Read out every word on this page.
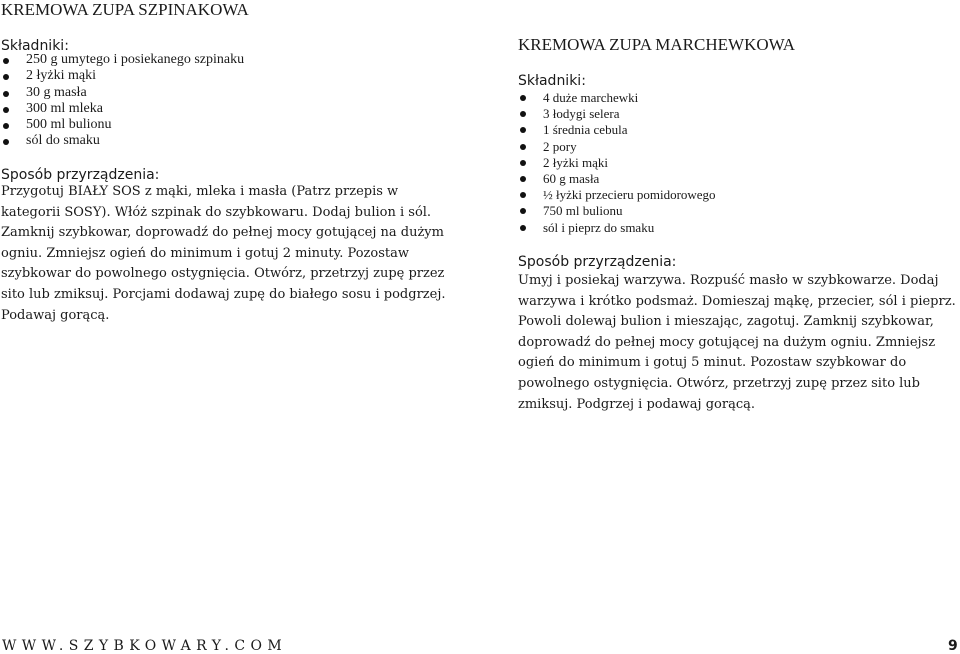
KREMOWA ZUPA SZPINAKOWA

Składniki:

250 g umytego i posiekanego szpinaku
2 łyżki mąki
30 g masła
300 ml mleka
500 ml bulionu
sól do smaku

Sposób przyrządzenia:

Przygotuj BIAŁY SOS z mąki, mleka i masła (Patrz przepis w kategorii SOSY). Włóż szpinak do szybkowaru. Dodaj bulion i sól. Zamknij szybkowar, doprowadź do pełnej mocy gotującej na dużym ogniu. Zmniejsz ogień do minimum i gotuj 2 minuty. Pozostaw szybkowar do powolnego ostygnięcia. Otwórz, przetrzyj zupę przez sito lub zmiksuj. Porcjami dodawaj zupę do białego sosu i podgrzej. Podawaj gorącą.

KREMOWA ZUPA MARCHEWKOWA

Składniki:

4 duże marchewki
3 łodygi selera
1 średnia cebula
2 pory
2 łyżki mąki
60 g masła
½ łyżki przecieru pomidorowego
750 ml bulionu
sól i pieprz do smaku

Sposób przyrządzenia:

Umyj i posiekaj warzywa. Rozpuść masło w szybkowarze. Dodaj warzywa i krótko podsmaż. Domieszaj mąkę, przecier, sól i pieprz. Powoli dolewaj bulion i mieszając, zagotuj. Zamknij szybkowar, doprowadź do pełnej mocy gotującej na dużym ogniu. Zmniejsz ogień do minimum i gotuj 5 minut. Pozostaw szybkowar do powolnego ostygnięcia. Otwórz, przetrzyj zupę przez sito lub zmiksuj. Podgrzej i podawaj gorącą.

WWW.SZYBKOWARY.COM	9
